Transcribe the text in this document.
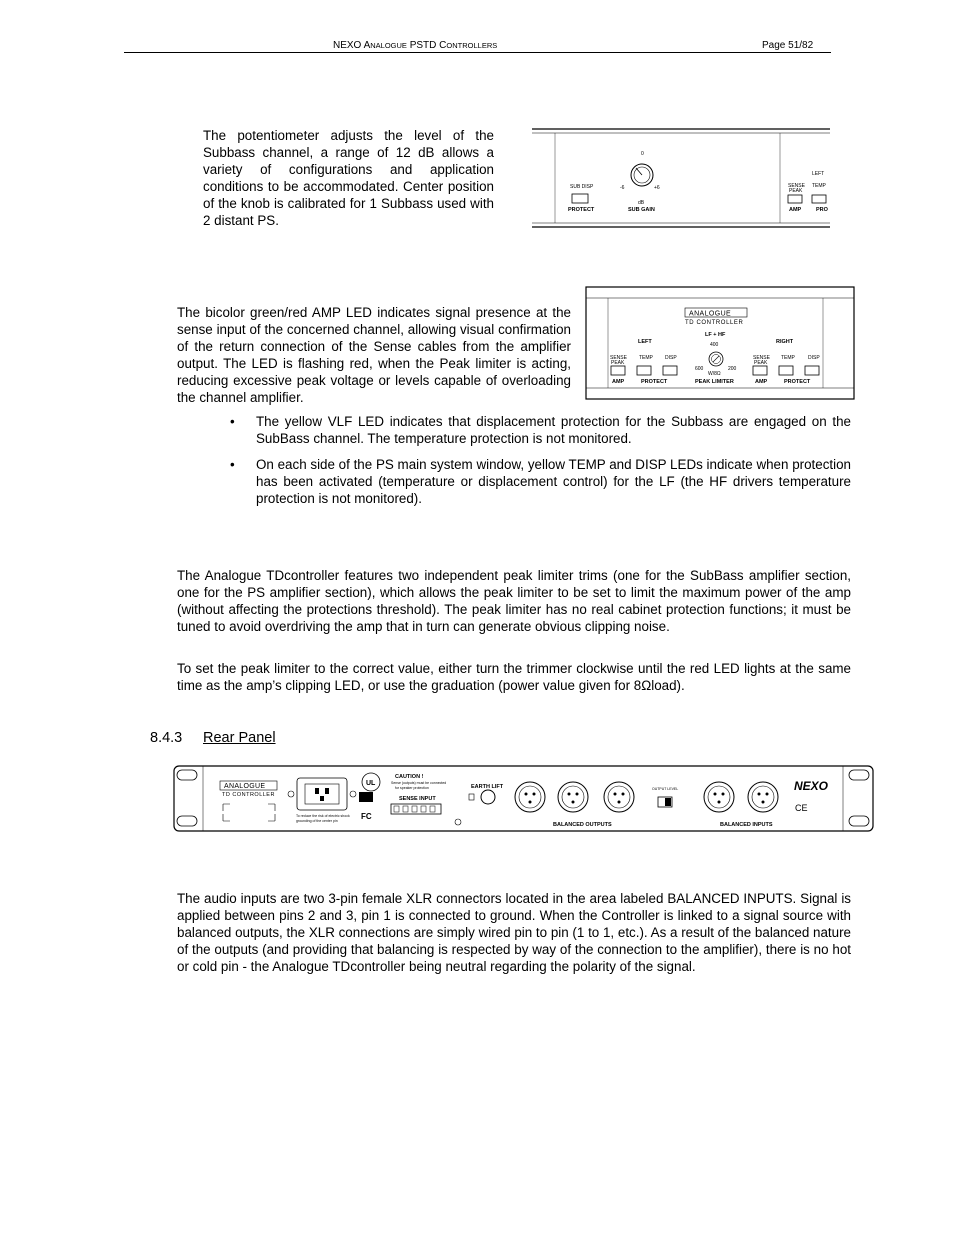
NEXO ANALOGUE PSTD CONTROLLERS	Page 51/82

The potentiometer adjusts the level of the Subbass channel, a range of 12 dB allows a variety of configurations and application conditions to be accommodated. Center position of the knob is calibrated for 1 Subbass used with 2 distant PS.

SUB DISP
PROTECT
0
-6	+6
dB
SUB GAIN
LEFT
SENSE
PEAK
TEMP
AMP	PRO

The bicolor green/red AMP LED indicates signal presence at the sense input of the concerned channel, allowing visual confirmation of the return connection of the Sense cables from the amplifier output. The LED is flashing red, when the Peak limiter is acting, reducing excessive peak voltage or levels capable of overloading the channel amplifier.

ANALOGUE
TD CONTROLLER
LF + HF
LEFT	RIGHT
400
600	200
W/8Ω
SENSE
PEAK
TEMP DISP	SENSE
PEAK
TEMP	DISP
AMP	PROTECT	PEAK LIMITER	AMP	PROTECT
• The yellow VLF LED indicates that displacement protection for the Subbass are engaged on the SubBass channel. The temperature protection is not monitored.
• On each side of the PS main system window, yellow TEMP and DISP LEDs indicate when protection has been activated (temperature or displacement control) for the LF (the HF drivers temperature protection is not monitored).

The Analogue TDcontroller features two independent peak limiter trims (one for the SubBass amplifier section, one for the PS amplifier section), which allows the peak limiter to be set to limit the maximum power of the amp (without affecting the protections threshold). The peak limiter has no real cabinet protection functions; it must be tuned to avoid overdriving the amp that in turn can generate obvious clipping noise.

To set the peak limiter to the correct value, either turn the trimmer clockwise until the red LED lights at the same time as the amp’s clipping LED, or use the graduation (power value given for 8Ωload).

8.4.3 Rear Panel
ANALOGUE
TD CONTROLLER
To reduce the risk of electric shock
grounding of the center pin
UL
FC
CAUTION !
Sense (outputs) must be connected
for speaker protection
SENSE INPUT
EARTH LIFT
BALANCED OUTPUTS
OUTPUT LEVEL
BALANCED INPUTS
NEXO
CE

The audio inputs are two 3-pin female XLR connectors located in the area labeled BALANCED INPUTS. Signal is applied between pins 2 and 3, pin 1 is connected to ground. When the Controller is linked to a signal source with balanced outputs, the XLR connections are simply wired pin to pin (1 to 1, etc.). As a result of the balanced nature of the outputs (and providing that balancing is respected by way of the connection to the amplifier), there is no hot or cold pin - the Analogue TDcontroller being neutral regarding the polarity of the signal.
